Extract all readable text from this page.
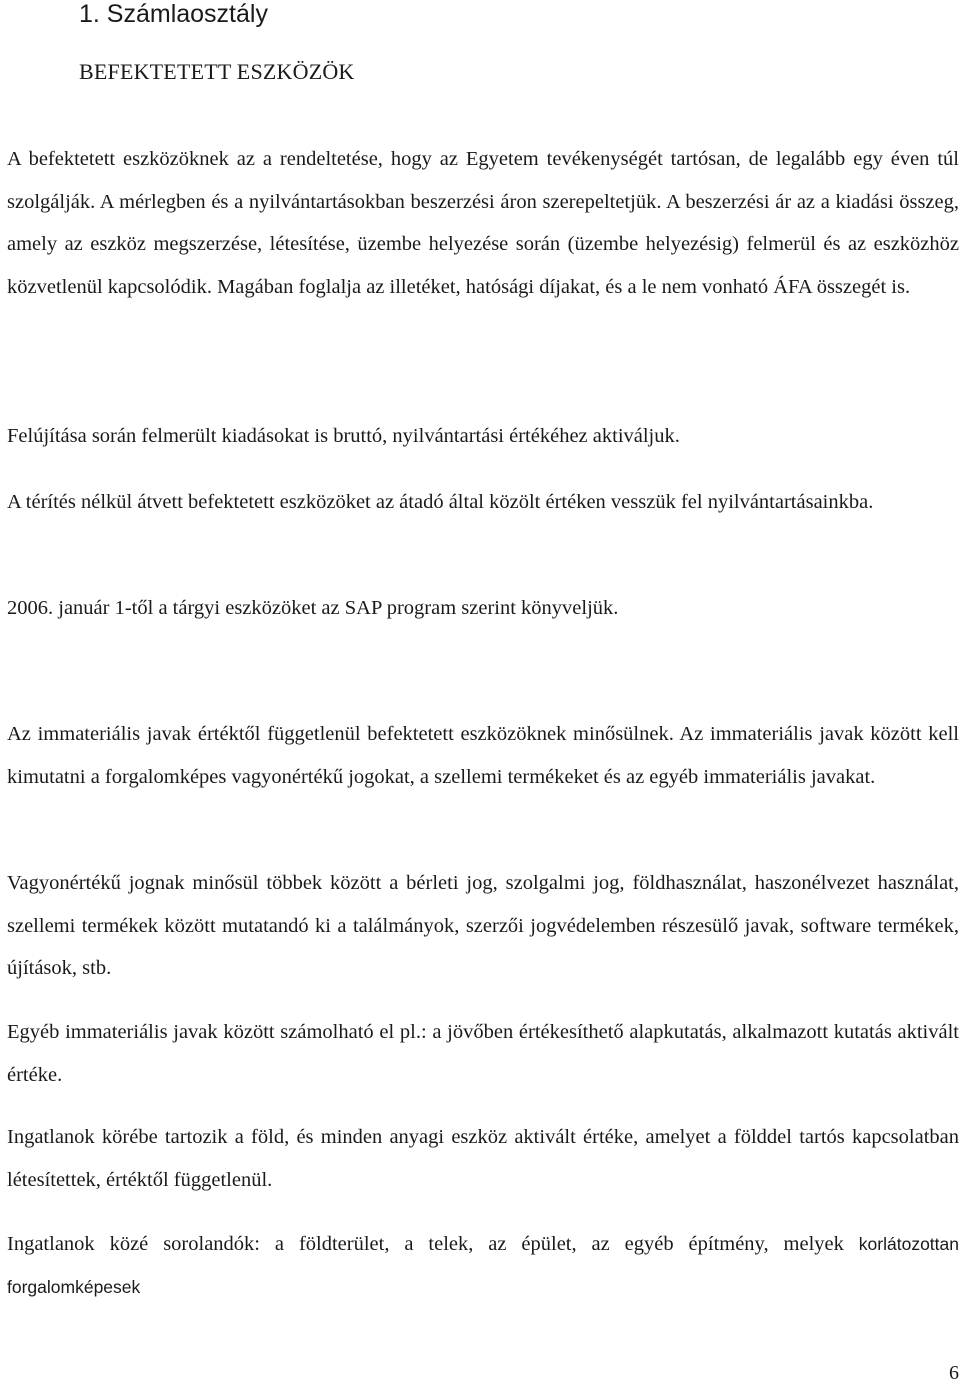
1. Számlaosztály
BEFEKTETETT ESZKÖZÖK

A befektetett eszközöknek az a rendeltetése, hogy az Egyetem tevékenységét tartósan, de legalább egy éven túl szolgálják. A mérlegben és a nyilvántartásokban beszerzési áron szerepeltetjük. A beszerzési ár az a kiadási összeg, amely az eszköz megszerzése, létesítése, üzembe helyezése során (üzembe helyezésig) felmerül és az eszközhöz közvetlenül kapcsolódik. Magában foglalja az illetéket, hatósági díjakat, és a le nem vonható ÁFA összegét is.

Felújítása során felmerült kiadásokat is bruttó, nyilvántartási értékéhez aktiváljuk.

A térítés nélkül átvett befektetett eszközöket az átadó által közölt értéken vesszük fel nyilvántartásainkba.

2006. január 1-től a tárgyi eszközöket az SAP program szerint könyveljük.

Az immateriális javak értéktől függetlenül befektetett eszközöknek minősülnek. Az immateriális javak között kell kimutatni a forgalomképes vagyonértékű jogokat, a szellemi termékeket és az egyéb immateriális javakat.

Vagyonértékű jognak minősül többek között a bérleti jog, szolgalmi jog, földhasználat, haszonélvezet használat, szellemi termékek között mutatandó ki a találmányok, szerzői jogvédelemben részesülő javak, software termékek, újítások, stb.

Egyéb immateriális javak között számolható el pl.: a jövőben értékesíthető alapkutatás, alkalmazott kutatás aktivált értéke.

Ingatlanok körébe tartozik a föld, és minden anyagi eszköz aktivált értéke, amelyet a földdel tartós kapcsolatban létesítettek, értéktől függetlenül.

Ingatlanok közé sorolandók: a földterület, a telek, az épület, az egyéb építmény, melyek korlátozottan forgalomképesek

6
